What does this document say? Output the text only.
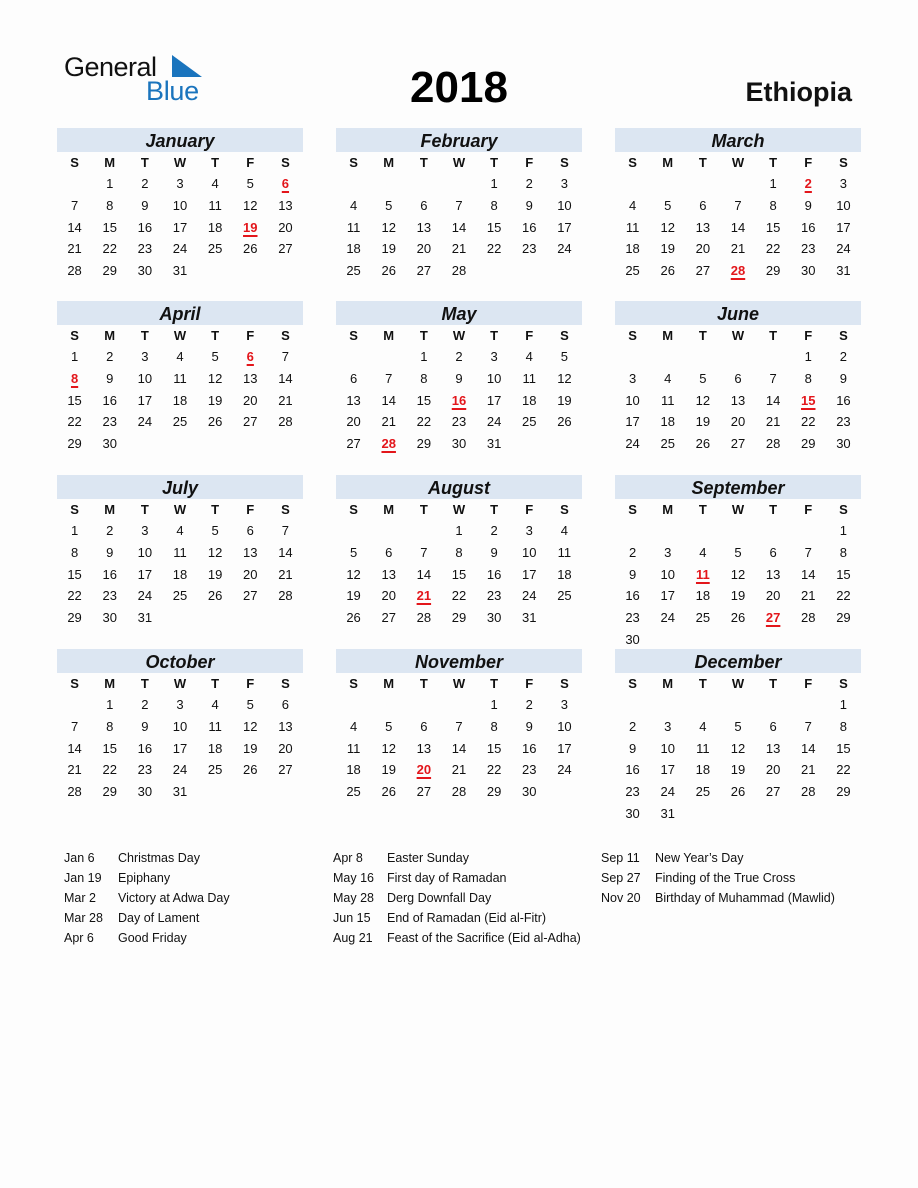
General
Blue	2018	Ethiopia
January
S	M	T	W	T	F	S
	1	2	3	4	5	6
7	8	9	10	11	12	13
14	15	16	17	18	19	20
21	22	23	24	25	26	27
28	29	30	31			

February
S	M	T	W	T	F	S
				1	2	3
4	5	6	7	8	9	10
11	12	13	14	15	16	17
18	19	20	21	22	23	24
25	26	27	28			

March
S	M	T	W	T	F	S
				1	2	3
4	5	6	7	8	9	10
11	12	13	14	15	16	17
18	19	20	21	22	23	24
25	26	27	28	29	30	31

April
S	M	T	W	T	F	S
1	2	3	4	5	6	7
8	9	10	11	12	13	14
15	16	17	18	19	20	21
22	23	24	25	26	27	28
29	30					

May
S	M	T	W	T	F	S
		1	2	3	4	5
6	7	8	9	10	11	12
13	14	15	16	17	18	19
20	21	22	23	24	25	26
27	28	29	30	31		

June
S	M	T	W	T	F	S
					1	2
3	4	5	6	7	8	9
10	11	12	13	14	15	16
17	18	19	20	21	22	23
24	25	26	27	28	29	30

July
S	M	T	W	T	F	S
1	2	3	4	5	6	7
8	9	10	11	12	13	14
15	16	17	18	19	20	21
22	23	24	25	26	27	28
29	30	31				

August
S	M	T	W	T	F	S
			1	2	3	4
5	6	7	8	9	10	11
12	13	14	15	16	17	18
19	20	21	22	23	24	25
26	27	28	29	30	31	

September
S	M	T	W	T	F	S
						1
2	3	4	5	6	7	8
9	10	11	12	13	14	15
16	17	18	19	20	21	22
23	24	25	26	27	28	29
30						
October
S	M	T	W	T	F	S
	1	2	3	4	5	6
7	8	9	10	11	12	13
14	15	16	17	18	19	20
21	22	23	24	25	26	27
28	29	30	31			

November
S	M	T	W	T	F	S
				1	2	3
4	5	6	7	8	9	10
11	12	13	14	15	16	17
18	19	20	21	22	23	24
25	26	27	28	29	30	

December
S	M	T	W	T	F	S
						1
2	3	4	5	6	7	8
9	10	11	12	13	14	15
16	17	18	19	20	21	22
23	24	25	26	27	28	29
30	31					
Jan 6	Christmas Day
Jan 19	Epiphany
Mar 2	Victory at Adwa Day
Mar 28	Day of Lament
Apr 6	Good Friday
Apr 8	Easter Sunday
May 16	First day of Ramadan
May 28	Derg Downfall Day
Jun 15	End of Ramadan (Eid al-Fitr)
Aug 21	Feast of the Sacrifice (Eid al-Adha)
Sep 11	New Year’s Day
Sep 27	Finding of the True Cross
Nov 20	Birthday of Muhammad (Mawlid)
